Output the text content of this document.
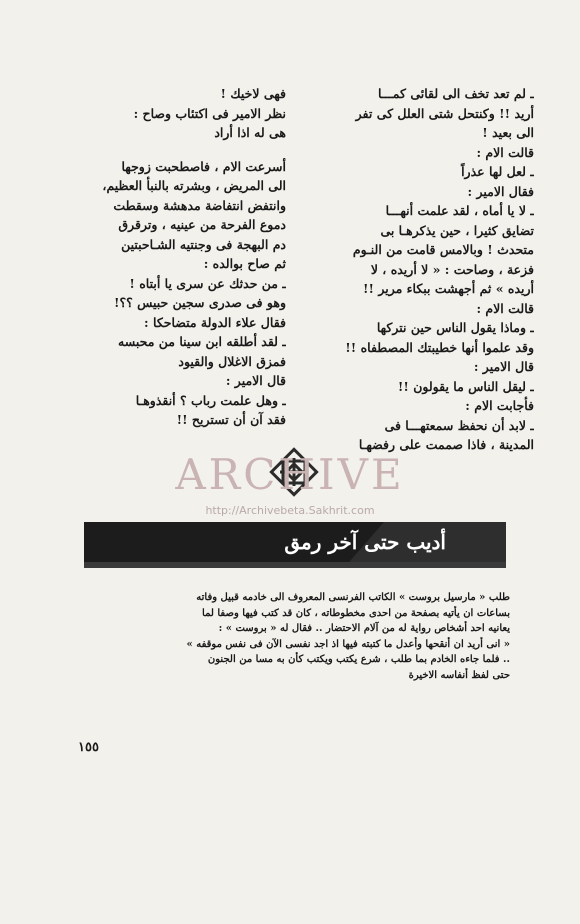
ـ لم تعد تخف الى لقائى كمـــا

أريد !! وكنتحل شتى العلل كى تفر

الى بعيد !

قالت الام :

ـ لعل لها عذراً

فقال الامير :

ـ لا يا أماه ، لقد علمت أنهـــا

تضايق كثيرا ، حين يذكرهـا بى

متحدث ! وبالامس قامت من النـوم

فزعة ، وصاحت : « لا أريده ، لا

أريده » ثم أجهشت ببكاء مرير !!

قالت الام :

ـ وماذا يقول الناس حين نتركها

وقد علموا أنها خطيبتك المصطفاه !!

قال الامير :

ـ ليقل الناس ما يقولون !!

فأجابت الام :

ـ لابد أن نحفظ سمعتهـــا فى

المدينة ، فاذا صممت على رفضهـا

فهى لاخيك !

نظر الامير فى اكتئاب وصاح :

هى له اذا أراد

أسرعت الام ، فاصطحبت زوجها

الى المريض ، وبشرته بالنبأ العظيم،

وانتفض انتفاضة مدهشة وسقطت

دموع الفرحة من عينيه ، وترقرق

دم البهجة فى وجنتيه الشـاحبتين

ثم صاح بوالده :

ـ من حدثك عن سرى يا أبتاه !

وهو فى صدرى سجين حبيس ؟؟!

فقال علاء الدولة متضاحكا :

ـ لقد أطلقه ابن سينا من محبسه

فمزق الاغلال والقيود

قال الامير :

ـ وهل علمت رباب ؟ أنقذوهـا

فقد آن أن تستريح !!

ARCHIVE
http://Archivebeta.Sakhrit.com
أديب حتى آخر رمق

طلب « مارسيل بروست » الكاتب الفرنسى المعروف الى خادمه قبيل وفاته

بساعات ان يأتيه بصفحة من احدى مخطوطاته ، كان قد كتب فيها وصفا لما

يعانيه احد أشخاص رواية له من آلام الاحتضار .. فقال له « بروست » :

« انى أريد ان أنقحها وأعدل ما كتبته فيها اذ اجد نفسى الآن فى نفس موقفه »

.. فلما جاءه الخادم بما طلب ، شرع يكتب ويكتب كأن به مسا من الجنون

حتى لفظ أنفاسه الاخيرة

١٥٥
